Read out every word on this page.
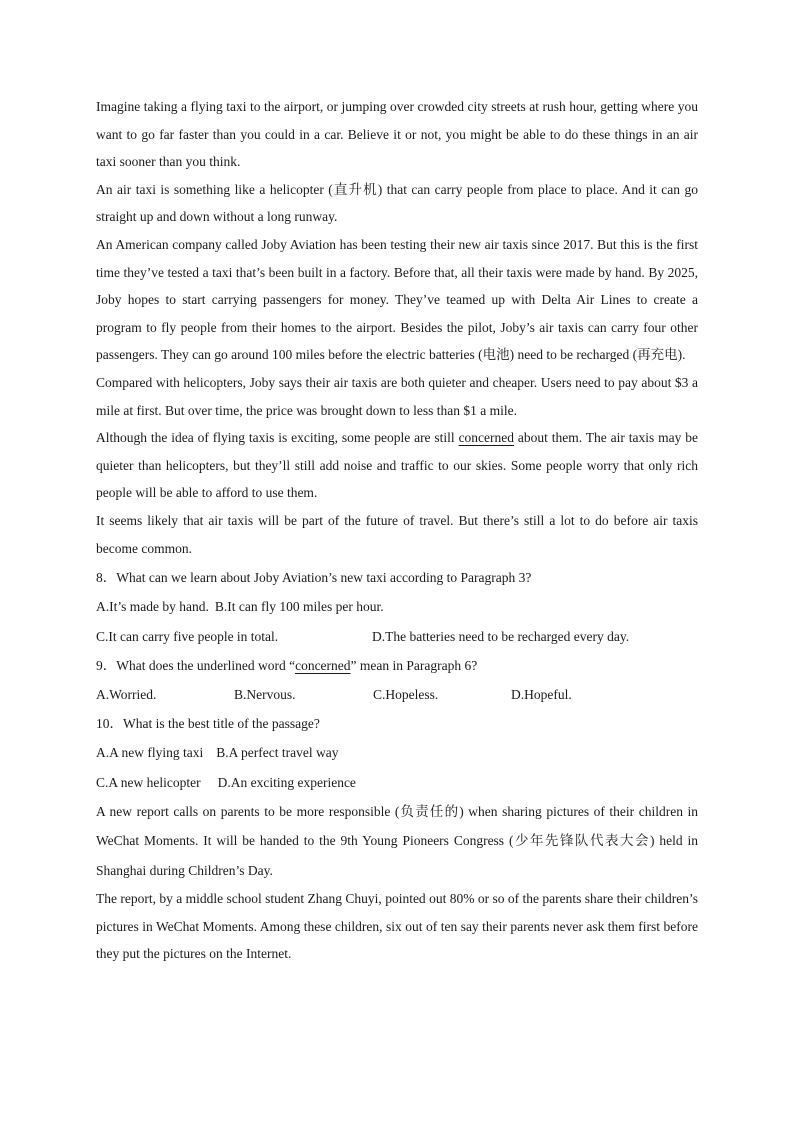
Imagine taking a flying taxi to the airport, or jumping over crowded city streets at rush hour, getting where you want to go far faster than you could in a car. Believe it or not, you might be able to do these things in an air taxi sooner than you think.

An air taxi is something like a helicopter (直升机) that can carry people from place to place. And it can go straight up and down without a long runway.

An American company called Joby Aviation has been testing their new air taxis since 2017. But this is the first time they’ve tested a taxi that’s been built in a factory. Before that, all their taxis were made by hand. By 2025, Joby hopes to start carrying passengers for money. They’ve teamed up with Delta Air Lines to create a program to fly people from their homes to the airport. Besides the pilot, Joby’s air taxis can carry four other passengers. They can go around 100 miles before the electric batteries (电池) need to be recharged (再充电).

Compared with helicopters, Joby says their air taxis are both quieter and cheaper. Users need to pay about $3 a mile at first. But over time, the price was brought down to less than $1 a mile.

Although the idea of flying taxis is exciting, some people are still concerned about them. The air taxis may be quieter than helicopters, but they’ll still add noise and traffic to our skies. Some people worry that only rich people will be able to afford to use them.

It seems likely that air taxis will be part of the future of travel. But there’s still a lot to do before air taxis become common.

8．What can we learn about Joby Aviation’s new taxi according to Paragraph 3?

A.It’s made by hand. B.It can fly 100 miles per hour.
C.It can carry five people in total.	D.The batteries need to be recharged every day.

9．What does the underlined word “concerned” mean in Paragraph 6?

A.Worried.	B.Nervous.	C.Hopeless.	D.Hopeful.

10．What is the best title of the passage?

A.A new flying taxi B.A perfect travel way
C.A new helicopter D.An exciting experience

A new report calls on parents to be more responsible (负责任的) when sharing pictures of their children in WeChat Moments. It will be handed to the 9th Young Pioneers Congress (少年先锋队代表大会) held in Shanghai during Children’s Day.

The report, by a middle school student Zhang Chuyi, pointed out 80% or so of the parents share their children’s pictures in WeChat Moments. Among these children, six out of ten say their parents never ask them first before they put the pictures on the Internet.
